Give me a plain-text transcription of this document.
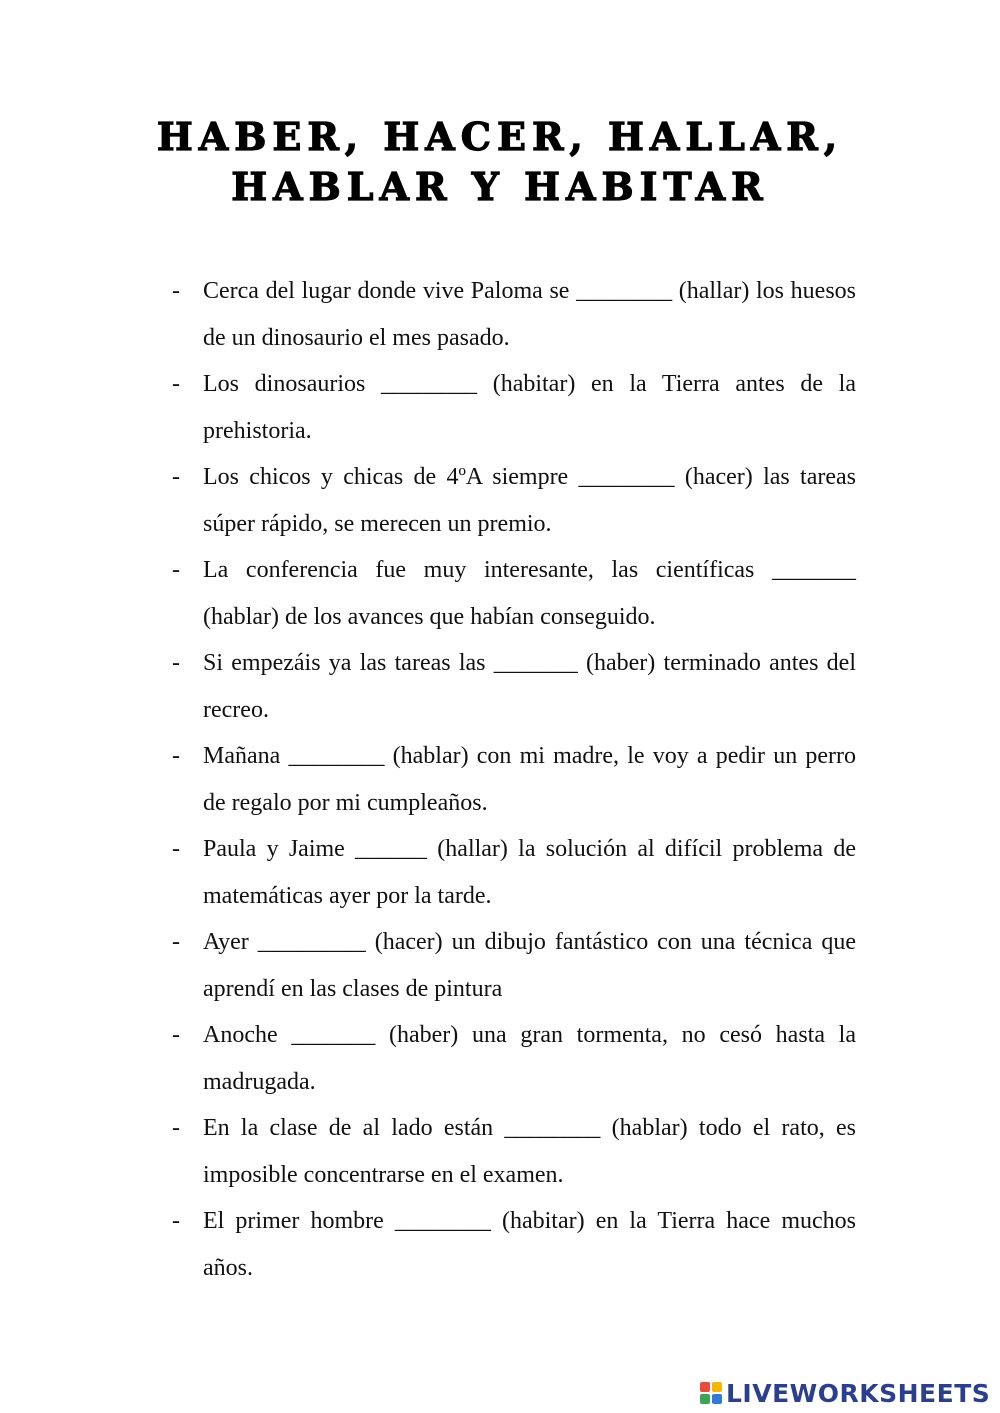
HABER, HACER, HALLAR,
HABLAR Y HABITAR
- Cerca del lugar donde vive Paloma se ________ (hallar) los huesos de un dinosaurio el mes pasado.
- Los dinosaurios ________ (habitar) en la Tierra antes de la prehistoria.
- Los chicos y chicas de 4ºA siempre ________ (hacer) las tareas súper rápido, se merecen un premio.
- La conferencia fue muy interesante, las científicas _______ (hablar) de los avances que habían conseguido.
- Si empezáis ya las tareas las _______ (haber) terminado antes del recreo.
- Mañana ________ (hablar) con mi madre, le voy a pedir un perro de regalo por mi cumpleaños.
- Paula y Jaime ______ (hallar) la solución al difícil problema de matemáticas ayer por la tarde.
- Ayer _________ (hacer) un dibujo fantástico con una técnica que aprendí en las clases de pintura
- Anoche _______ (haber) una gran tormenta, no cesó hasta la madrugada.
- En la clase de al lado están ________ (hablar) todo el rato, es imposible concentrarse en el examen.
- El primer hombre ________ (habitar) en la Tierra hace muchos años.
LIVEWORKSHEETS
